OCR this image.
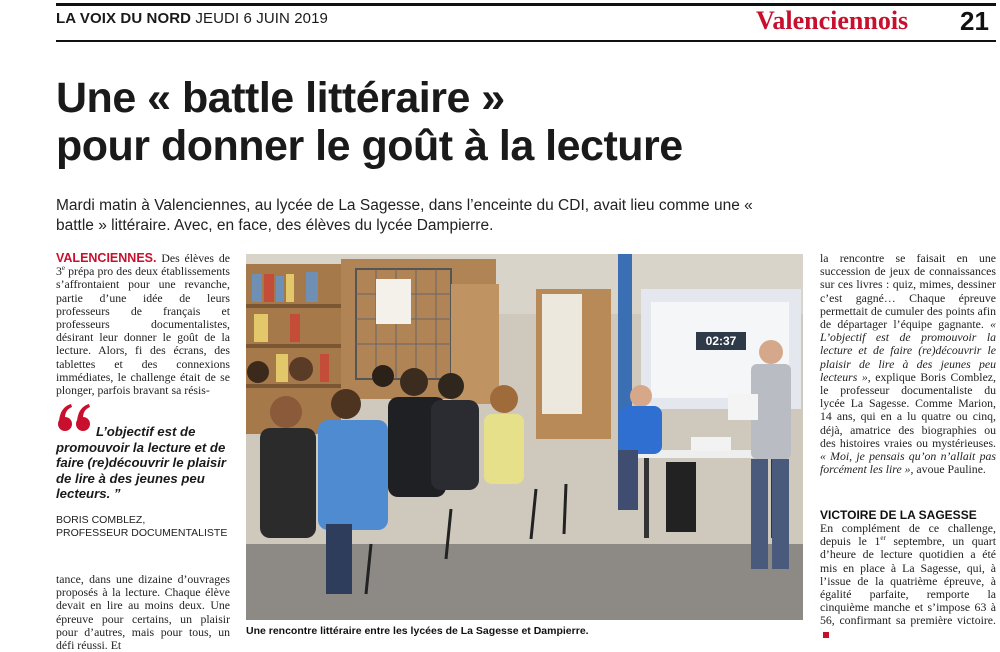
LA VOIX DU NORD JEUDI 6 JUIN 2019	Valenciennois 21
Une « battle littéraire »
pour donner le goût à la lecture
Mardi matin à Valenciennes, au lycée de La Sagesse, dans l’enceinte du CDI, avait lieu comme une « battle » littéraire. Avec, en face, des élèves du lycée Dampierre.
VALENCIENNES. Des élèves de 3e prépa pro des deux établissements s’affrontaient pour une revanche, partie d’une idée de leurs professeurs de français et professeurs documentalistes, désirant leur donner le goût de la lecture. Alors, fi des écrans, des tablettes et des connexions immédiates, le challenge était de se plonger, parfois bravant sa résis-
L’objectif est de promouvoir la lecture et de faire (re)découvrir le plaisir de lire à des jeunes peu lecteurs. ”
BORIS COMBLEZ,
PROFESSEUR DOCUMENTALISTE
tance, dans une dizaine d’ouvrages proposés à la lecture. Chaque élève devait en lire au moins deux. Une épreuve pour certains, un plaisir pour d’autres, mais pour tous, un défi réussi. Et
02:37
Une rencontre littéraire entre les lycées de La Sagesse et Dampierre.
la rencontre se faisait en une succession de jeux de connaissances sur ces livres : quiz, mimes, dessiner c’est gagné… Chaque épreuve permettait de cumuler des points afin de départager l’équipe gagnante. « L’objectif est de promouvoir la lecture et de faire (re)découvrir le plaisir de lire à des jeunes peu lecteurs », explique Boris Comblez, le professeur documentaliste du lycée La Sagesse. Comme Marion, 14 ans, qui en a lu quatre ou cinq, déjà, amatrice des biographies ou des histoires vraies ou mystérieuses. « Moi, je pensais qu’on n’allait pas forcément les lire », avoue Pauline.
VICTOIRE DE LA SAGESSE
En complément de ce challenge, depuis le 1er septembre, un quart d’heure de lecture quotidien a été mis en place à La Sagesse, qui, à l’issue de la quatrième épreuve, à égalité parfaite, remporte la cinquième manche et s’impose 63 à 56, confirmant sa première victoire.
